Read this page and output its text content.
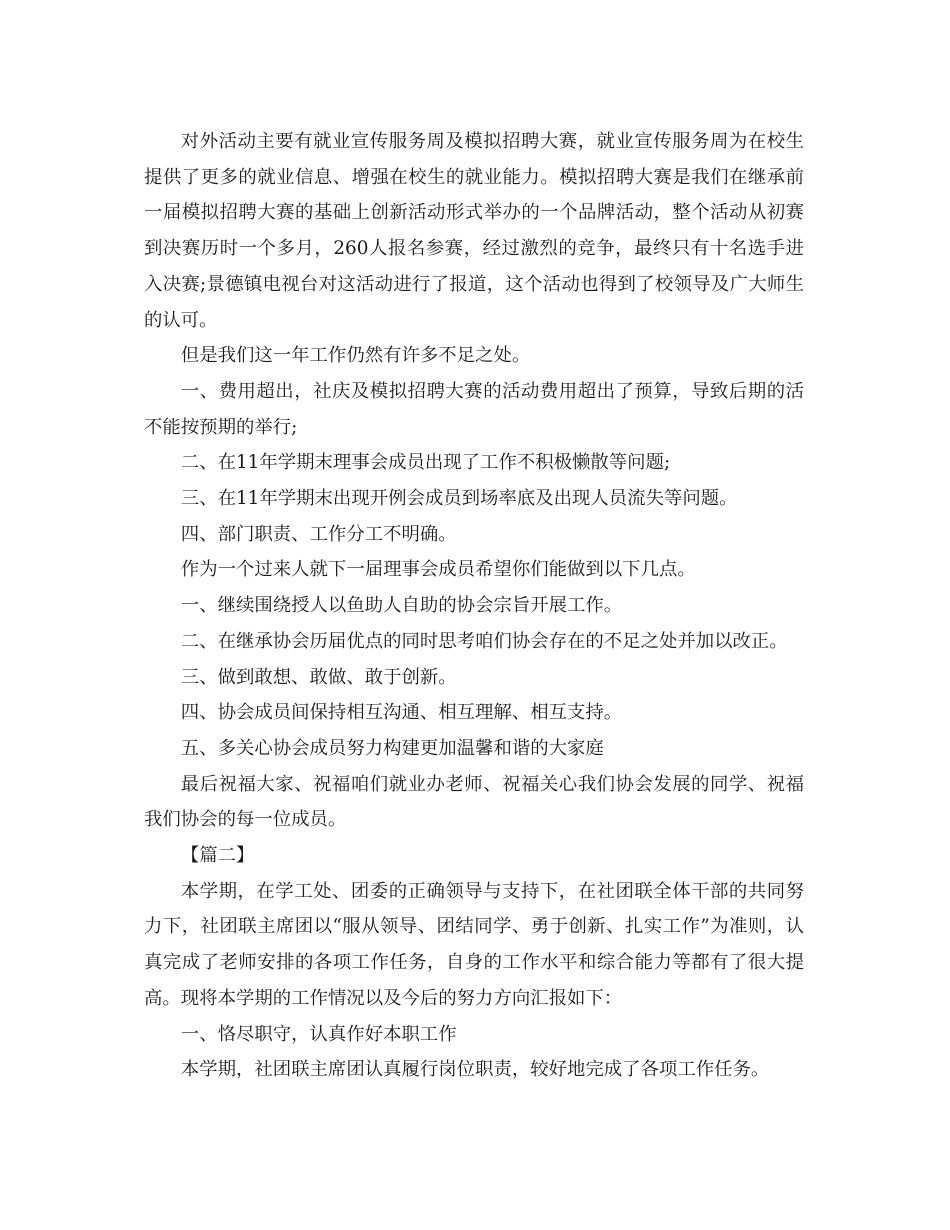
对外活动主要有就业宣传服务周及模拟招聘大赛，就业宣传服务周为在校生提供了更多的就业信息、增强在校生的就业能力。模拟招聘大赛是我们在继承前一届模拟招聘大赛的基础上创新活动形式举办的一个品牌活动，整个活动从初赛到决赛历时一个多月，260人报名参赛，经过激烈的竞争，最终只有十名选手进入决赛;景德镇电视台对这活动进行了报道，这个活动也得到了校领导及广大师生的认可。

但是我们这一年工作仍然有许多不足之处。

一、费用超出，社庆及模拟招聘大赛的活动费用超出了预算，导致后期的活不能按预期的举行;

二、在11年学期末理事会成员出现了工作不积极懒散等问题;

三、在11年学期末出现开例会成员到场率底及出现人员流失等问题。

四、部门职责、工作分工不明确。

作为一个过来人就下一届理事会成员希望你们能做到以下几点。

一、继续围绕授人以鱼助人自助的协会宗旨开展工作。

二、在继承协会历届优点的同时思考咱们协会存在的不足之处并加以改正。

三、做到敢想、敢做、敢于创新。

四、协会成员间保持相互沟通、相互理解、相互支持。

五、多关心协会成员努力构建更加温馨和谐的大家庭

最后祝福大家、祝福咱们就业办老师、祝福关心我们协会发展的同学、祝福我们协会的每一位成员。

【篇二】

本学期，在学工处、团委的正确领导与支持下，在社团联全体干部的共同努力下，社团联主席团以“服从领导、团结同学、勇于创新、扎实工作”为准则，认真完成了老师安排的各项工作任务，自身的工作水平和综合能力等都有了很大提高。现将本学期的工作情况以及今后的努力方向汇报如下：

一、恪尽职守，认真作好本职工作

本学期，社团联主席团认真履行岗位职责，较好地完成了各项工作任务。
